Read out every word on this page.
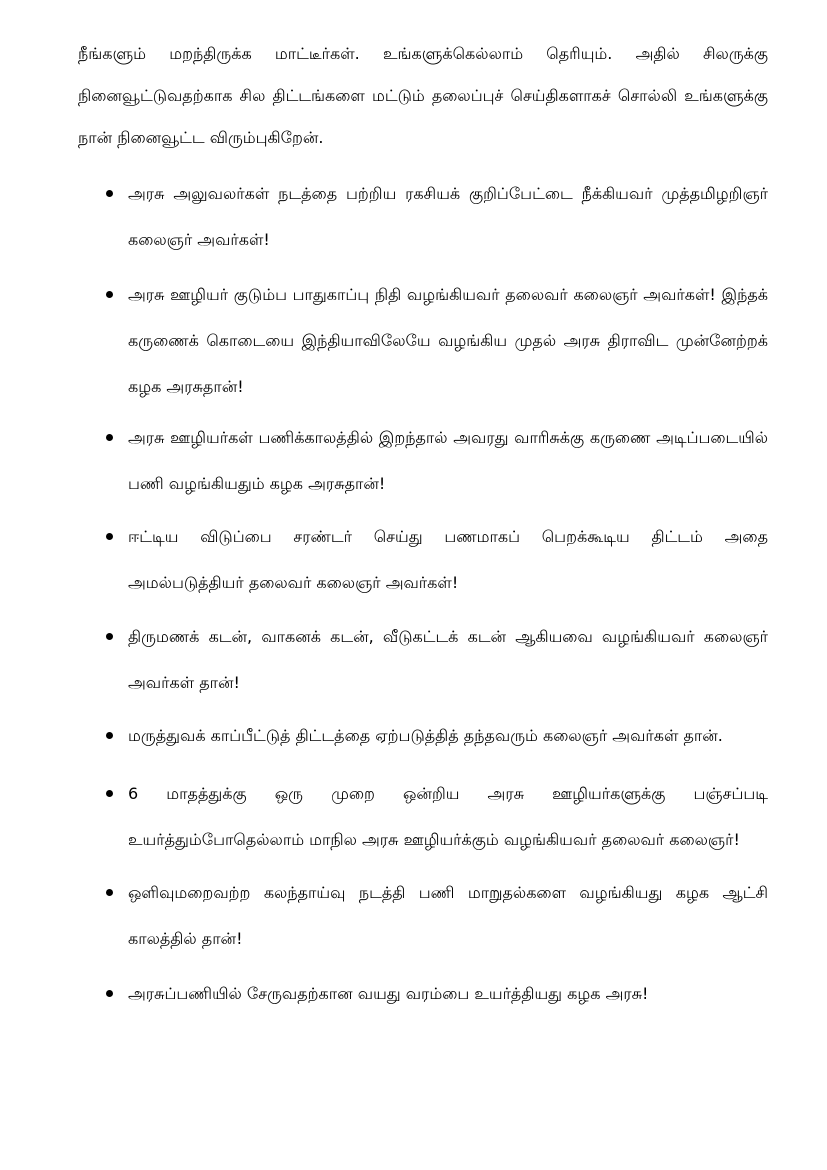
நீங்களும் மறந்திருக்க மாட்டீர்கள். உங்களுக்கெல்லாம் தெரியும். அதில் சிலருக்கு நினைவூட்டுவதற்காக சில திட்டங்களை மட்டும் தலைப்புச் செய்திகளாகச் சொல்லி உங்களுக்கு நான் நினைவூட்ட விரும்புகிறேன்.

அரசு அலுவலர்கள் நடத்தை பற்றிய ரகசியக் குறிப்பேட்டை நீக்கியவர் முத்தமிழறிஞர் கலைஞர் அவர்கள்!
அரசு ஊழியர் குடும்ப பாதுகாப்பு நிதி வழங்கியவர் தலைவர் கலைஞர் அவர்கள்! இந்தக் கருணைக் கொடையை இந்தியாவிலேயே வழங்கிய முதல் அரசு திராவிட முன்னேற்றக் கழக அரசுதான்!
அரசு ஊழியர்கள் பணிக்காலத்தில் இறந்தால் அவரது வாரிசுக்கு கருணை அடிப்படையில் பணி வழங்கியதும் கழக அரசுதான்!
ஈட்டிய விடுப்பை சரண்டர் செய்து பணமாகப் பெறக்கூடிய திட்டம் அதை அமல்படுத்தியர் தலைவர் கலைஞர் அவர்கள்!
திருமணக் கடன், வாகனக் கடன், வீடுகட்டக் கடன் ஆகியவை வழங்கியவர் கலைஞர் அவர்கள் தான்!
மருத்துவக் காப்பீட்டுத் திட்டத்தை ஏற்படுத்தித் தந்தவரும் கலைஞர் அவர்கள் தான்.
6 மாதத்துக்கு ஒரு முறை ஒன்றிய அரசு ஊழியர்களுக்கு பஞ்சப்படி உயர்த்தும்போதெல்லாம் மாநில அரசு ஊழியர்க்கும் வழங்கியவர் தலைவர் கலைஞர்!
ஒளிவுமறைவற்ற கலந்தாய்வு நடத்தி பணி மாறுதல்களை வழங்கியது கழக ஆட்சி காலத்தில் தான்!
அரசுப்பணியில் சேருவதற்கான வயது வரம்பை உயர்த்தியது கழக அரசு!
